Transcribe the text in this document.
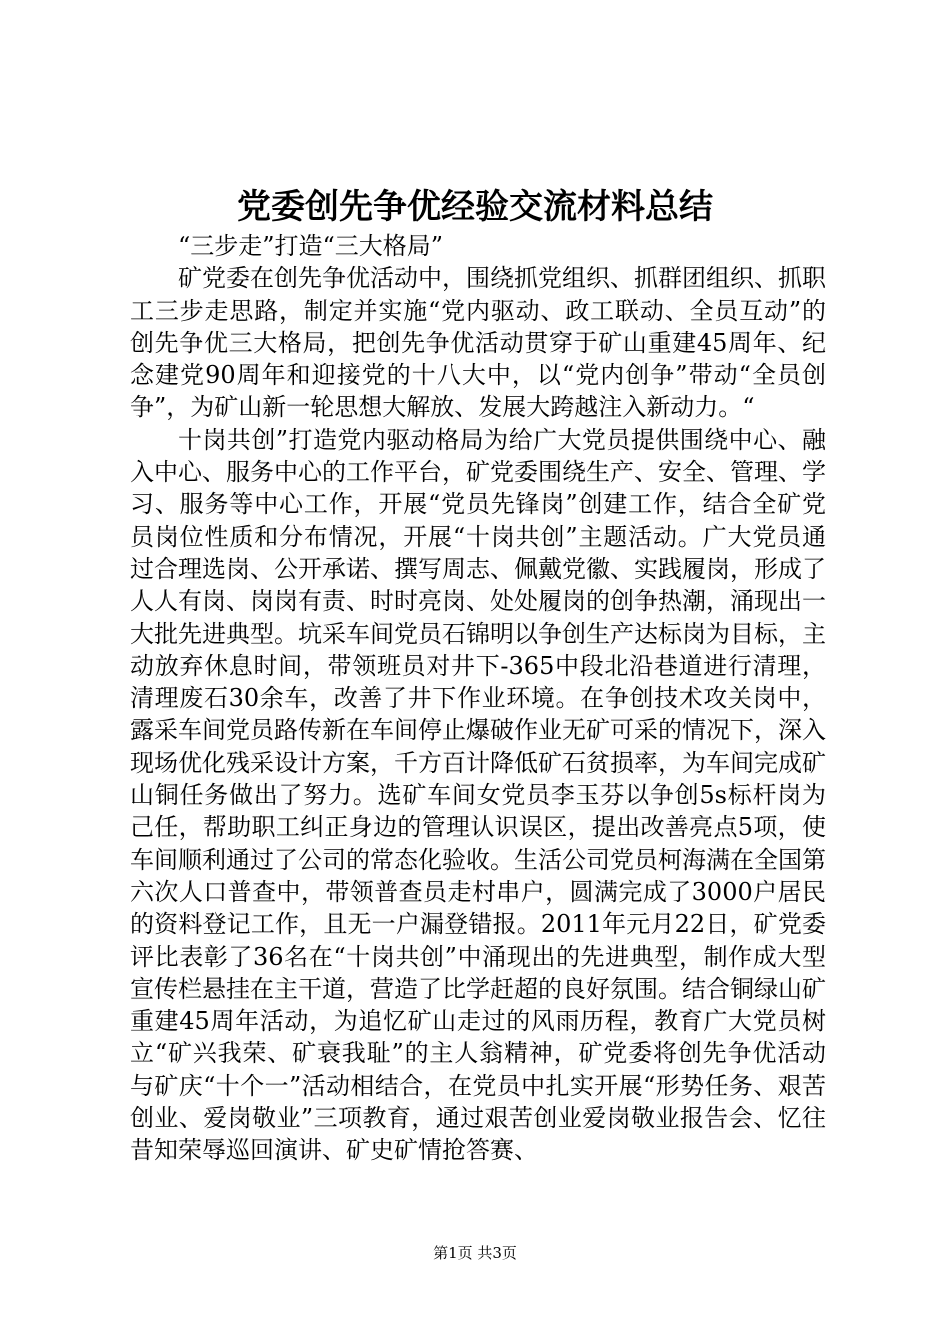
党委创先争优经验交流材料总结

“三步走”打造“三大格局”

矿党委在创先争优活动中，围绕抓党组织、抓群团组织、抓职工三步走思路，制定并实施“党内驱动、政工联动、全员互动”的创先争优三大格局，把创先争优活动贯穿于矿山重建45周年、纪念建党90周年和迎接党的十八大中，以“党内创争”带动“全员创争”，为矿山新一轮思想大解放、发展大跨越注入新动力。“

十岗共创”打造党内驱动格局为给广大党员提供围绕中心、融入中心、服务中心的工作平台，矿党委围绕生产、安全、管理、学习、服务等中心工作，开展“党员先锋岗”创建工作，结合全矿党员岗位性质和分布情况，开展“十岗共创”主题活动。广大党员通过合理选岗、公开承诺、撰写周志、佩戴党徽、实践履岗，形成了人人有岗、岗岗有责、时时亮岗、处处履岗的创争热潮，涌现出一大批先进典型。坑采车间党员石锦明以争创生产达标岗为目标，主动放弃休息时间，带领班员对井下-365中段北沿巷道进行清理，清理废石30余车，改善了井下作业环境。在争创技术攻关岗中，露采车间党员路传新在车间停止爆破作业无矿可采的情况下，深入现场优化残采设计方案，千方百计降低矿石贫损率，为车间完成矿山铜任务做出了努力。选矿车间女党员李玉芬以争创5s标杆岗为己任，帮助职工纠正身边的管理认识误区，提出改善亮点5项，使车间顺利通过了公司的常态化验收。生活公司党员柯海满在全国第六次人口普查中，带领普查员走村串户，圆满完成了3000户居民的资料登记工作，且无一户漏登错报。2011年元月22日，矿党委评比表彰了36名在“十岗共创”中涌现出的先进典型，制作成大型宣传栏悬挂在主干道，营造了比学赶超的良好氛围。结合铜绿山矿重建45周年活动，为追忆矿山走过的风雨历程，教育广大党员树立“矿兴我荣、矿衰我耻”的主人翁精神，矿党委将创先争优活动与矿庆“十个一”活动相结合，在党员中扎实开展“形势任务、艰苦创业、爱岗敬业”三项教育，通过艰苦创业爱岗敬业报告会、忆往昔知荣辱巡回演讲、矿史矿情抢答赛、

第1页 共3页
